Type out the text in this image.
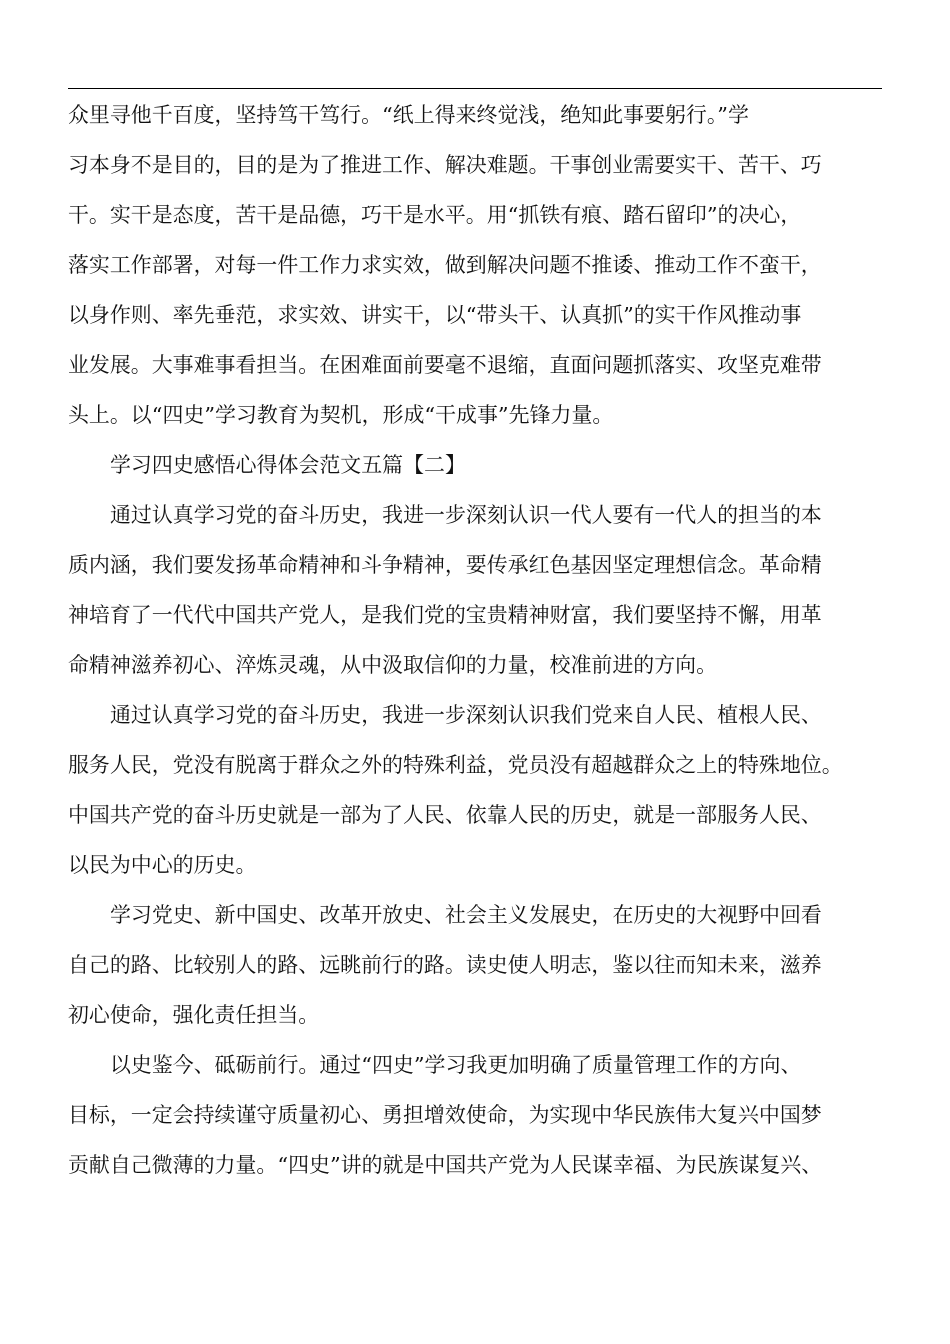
众里寻他千百度，坚持笃干笃行。“纸上得来终觉浅，绝知此事要躬行。”学
习本身不是目的，目的是为了推进工作、解决难题。干事创业需要实干、苦干、巧
干。实干是态度，苦干是品德，巧干是水平。用“抓铁有痕、踏石留印”的决心，
落实工作部署，对每一件工作力求实效，做到解决问题不推诿、推动工作不蛮干，
以身作则、率先垂范，求实效、讲实干，以“带头干、认真抓”的实干作风推动事
业发展。大事难事看担当。在困难面前要毫不退缩，直面问题抓落实、攻坚克难带
头上。以“四史”学习教育为契机，形成“干成事”先锋力量。
学习四史感悟心得体会范文五篇【二】
通过认真学习党的奋斗历史，我进一步深刻认识一代人要有一代人的担当的本
质内涵，我们要发扬革命精神和斗争精神，要传承红色基因坚定理想信念。革命精
神培育了一代代中国共产党人，是我们党的宝贵精神财富，我们要坚持不懈，用革
命精神滋养初心、淬炼灵魂，从中汲取信仰的力量，校准前进的方向。
通过认真学习党的奋斗历史，我进一步深刻认识我们党来自人民、植根人民、
服务人民，党没有脱离于群众之外的特殊利益，党员没有超越群众之上的特殊地位。
中国共产党的奋斗历史就是一部为了人民、依靠人民的历史，就是一部服务人民、
以民为中心的历史。
学习党史、新中国史、改革开放史、社会主义发展史，在历史的大视野中回看
自己的路、比较别人的路、远眺前行的路。读史使人明志，鉴以往而知未来，滋养
初心使命，强化责任担当。
以史鉴今、砥砺前行。通过“四史”学习我更加明确了质量管理工作的方向、
目标，一定会持续谨守质量初心、勇担增效使命，为实现中华民族伟大复兴中国梦
贡献自己微薄的力量。“四史”讲的就是中国共产党为人民谋幸福、为民族谋复兴、
